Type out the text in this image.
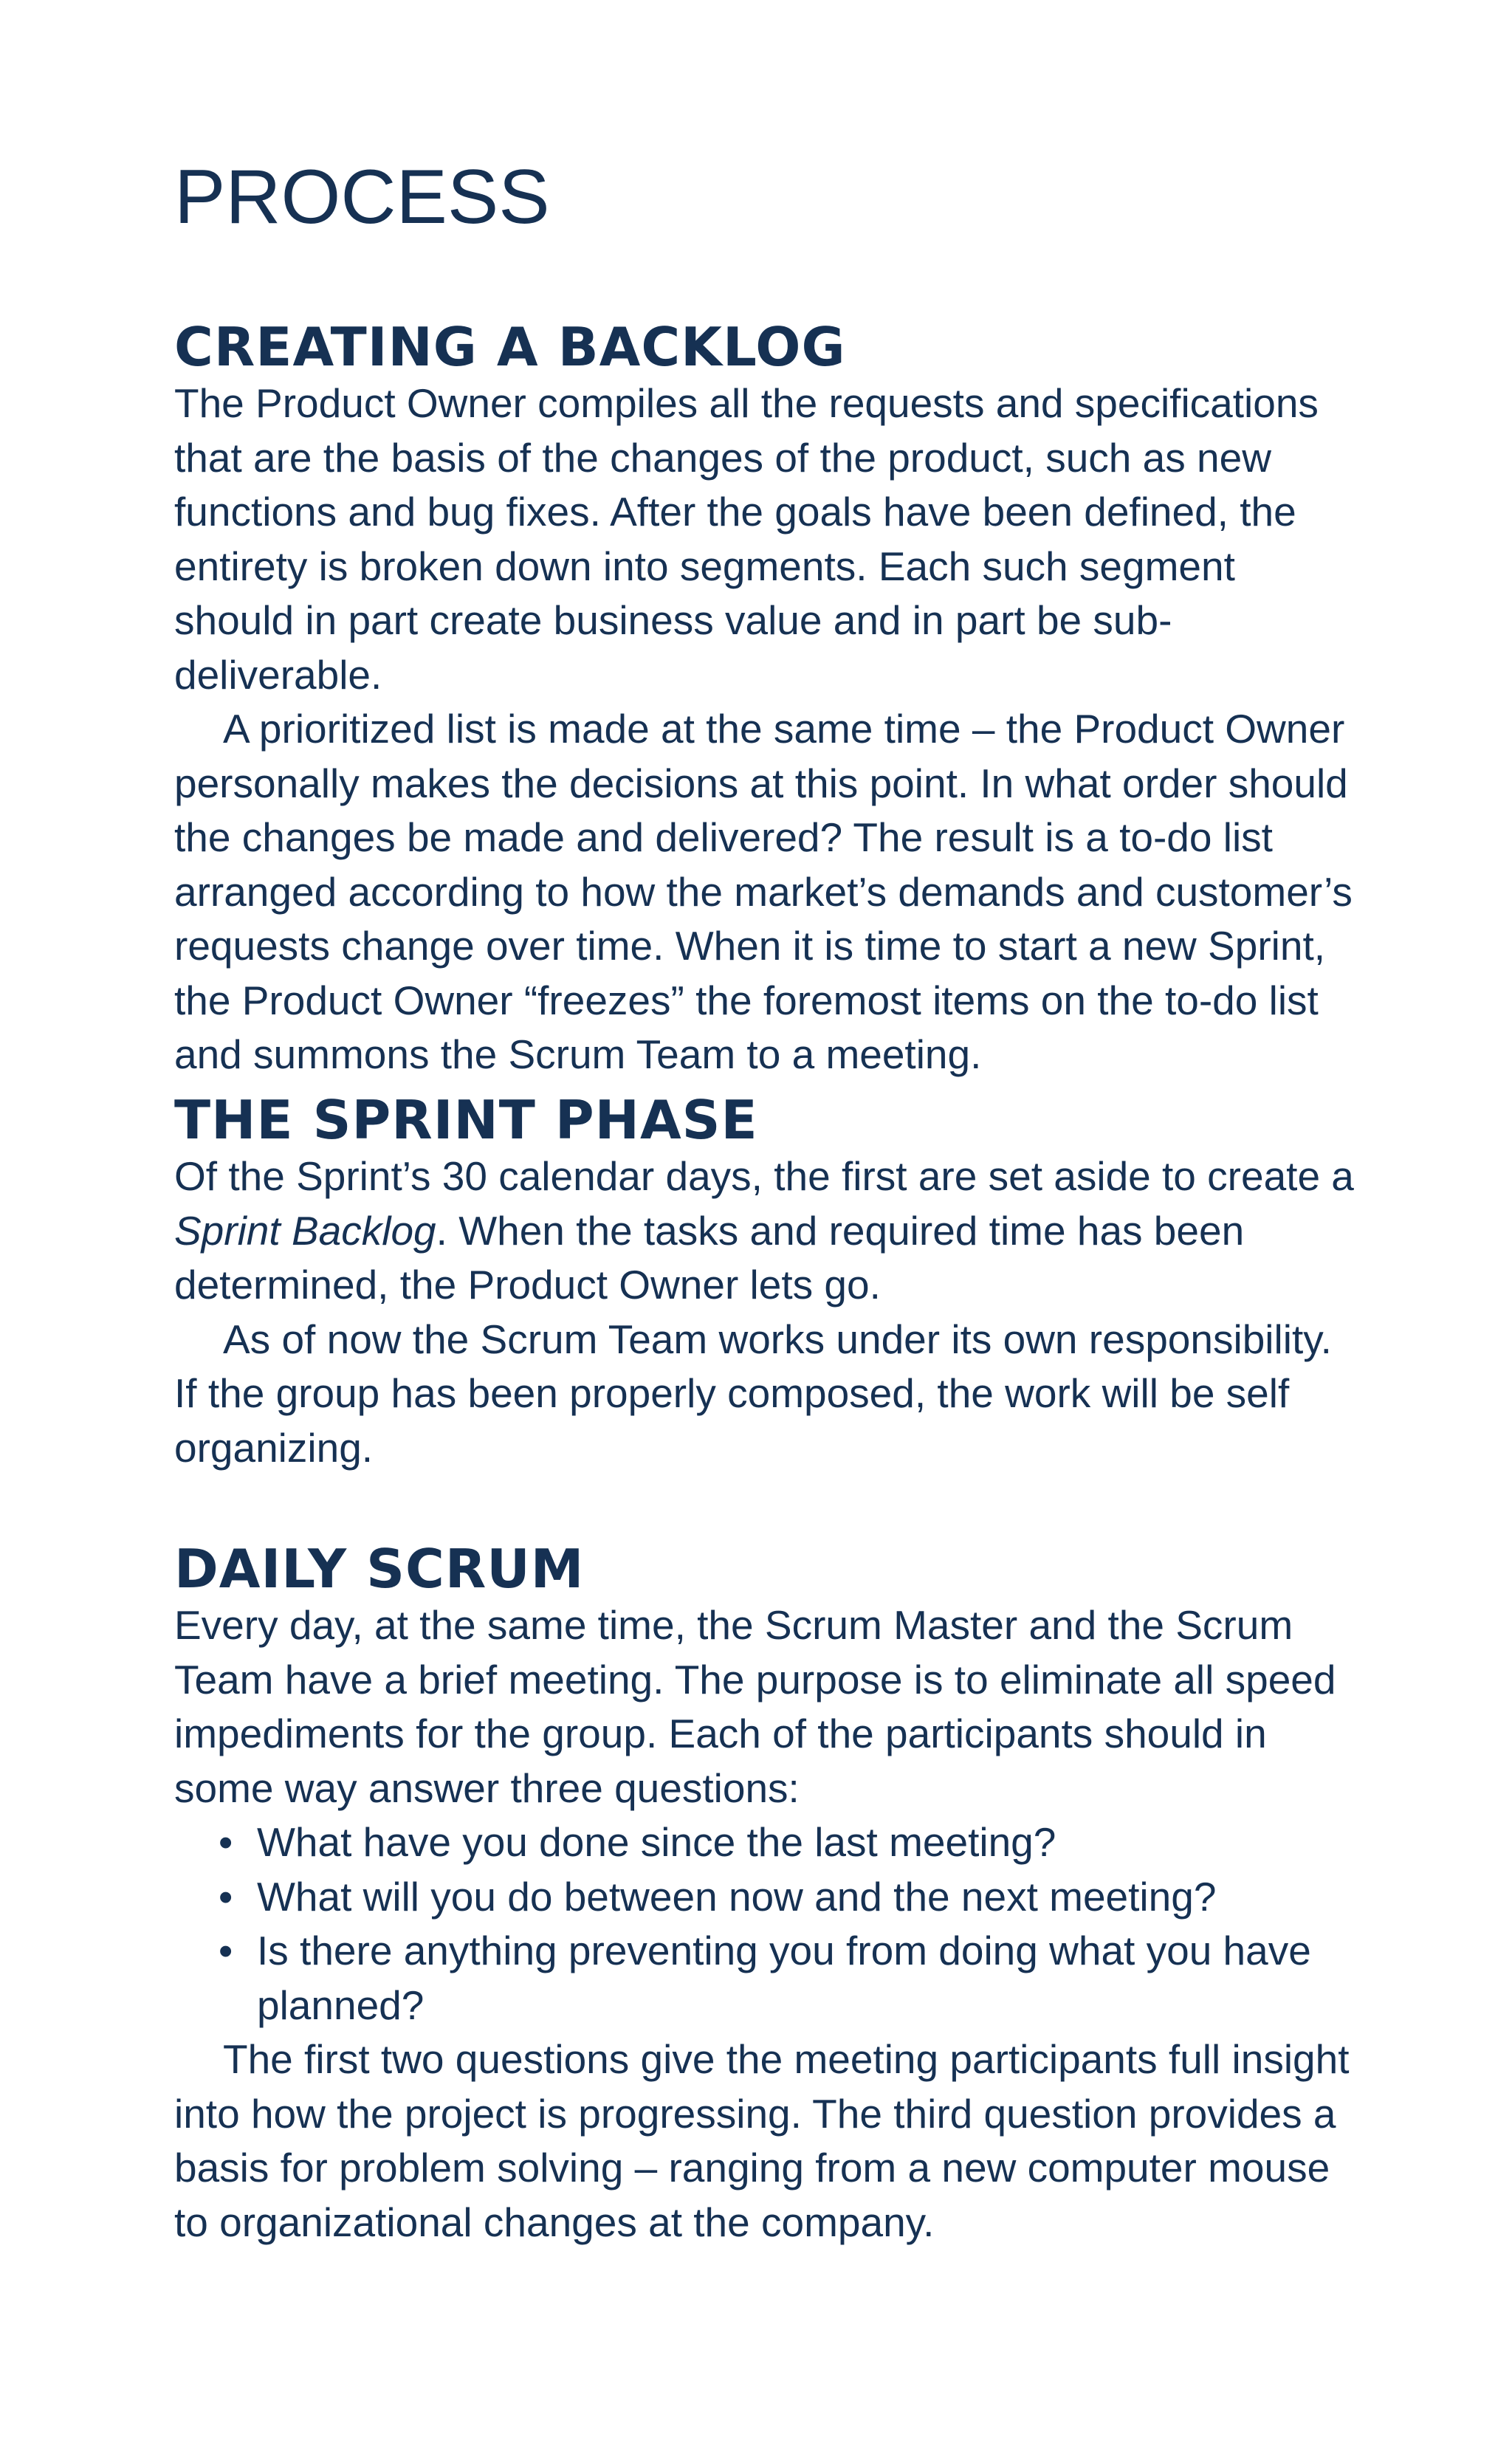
PROCESS
CREATING A BACKLOG

The Product Owner compiles all the requests and specifications that are the basis of the changes of the product, such as new functions and bug fixes. After the goals have been defined, the entirety is broken down into segments. Each such segment should in part create business value and in part be sub-deliverable.

A prioritized list is made at the same time – the Product Owner personally makes the decisions at this point. In what order should the changes be made and delivered? The result is a to-do list arranged according to how the market’s demands and customer’s requests change over time. When it is time to start a new Sprint, the Product Owner “freezes” the foremost items on the to-do list and summons the Scrum Team to a meeting.

THE SPRINT PHASE

Of the Sprint’s 30 calendar days, the first are set aside to create a Sprint Backlog. When the tasks and required time has been determined, the Product Owner lets go.

As of now the Scrum Team works under its own responsibility. If the group has been properly composed, the work will be self organizing.

DAILY SCRUM

Every day, at the same time, the Scrum Master and the Scrum Team have a brief meeting. The purpose is to eliminate all speed impediments for the group. Each of the participants should in some way answer three questions:

• What have you done since the last meeting?
• What will you do between now and the next meeting?
• Is there anything preventing you from doing what you have planned?

The first two questions give the meeting participants full insight into how the project is progressing. The third question provides a basis for problem solving – ranging from a new computer mouse to organizational changes at the company.
